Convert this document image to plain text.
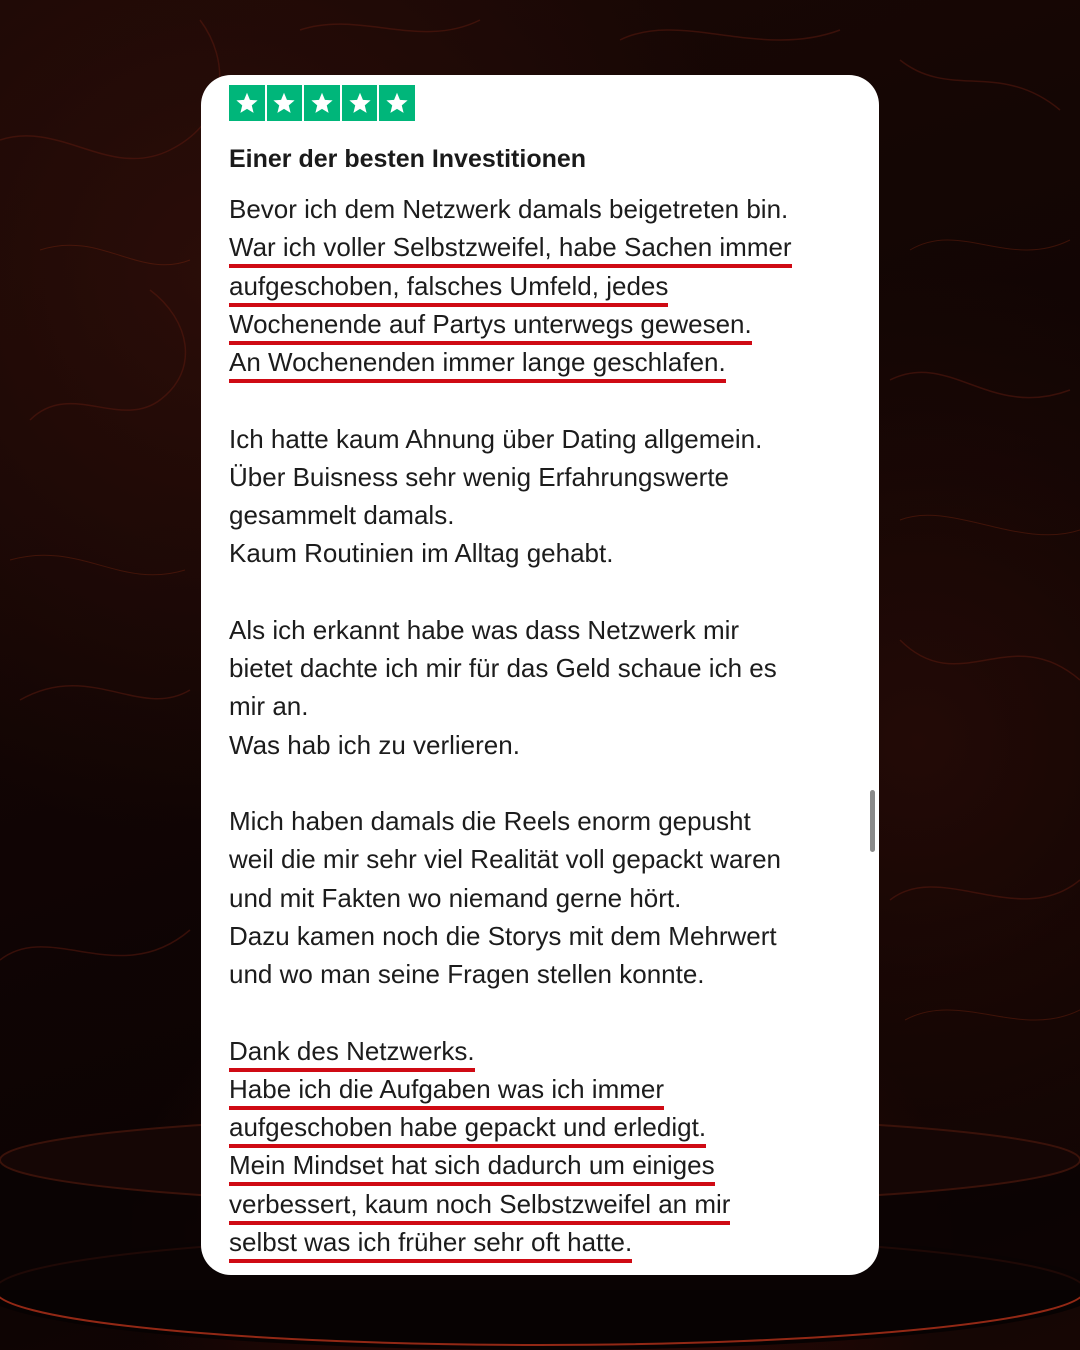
Einer der besten Investitionen
Bevor ich dem Netzwerk damals beigetreten bin.
War ich voller Selbstzweifel, habe Sachen immer
aufgeschoben, falsches Umfeld, jedes
Wochenende auf Partys unterwegs gewesen.
An Wochenenden immer lange geschlafen.
Ich hatte kaum Ahnung über Dating allgemein.
Über Buisness sehr wenig Erfahrungswerte
gesammelt damals.
Kaum Routinien im Alltag gehabt.
Als ich erkannt habe was dass Netzwerk mir
bietet dachte ich mir für das Geld schaue ich es
mir an.
Was hab ich zu verlieren.
Mich haben damals die Reels enorm gepusht
weil die mir sehr viel Realität voll gepackt waren
und mit Fakten wo niemand gerne hört.
Dazu kamen noch die Storys mit dem Mehrwert
und wo man seine Fragen stellen konnte.
Dank des Netzwerks.
Habe ich die Aufgaben was ich immer
aufgeschoben habe gepackt und erledigt.
Mein Mindset hat sich dadurch um einiges
verbessert, kaum noch Selbstzweifel an mir
selbst was ich früher sehr oft hatte.
